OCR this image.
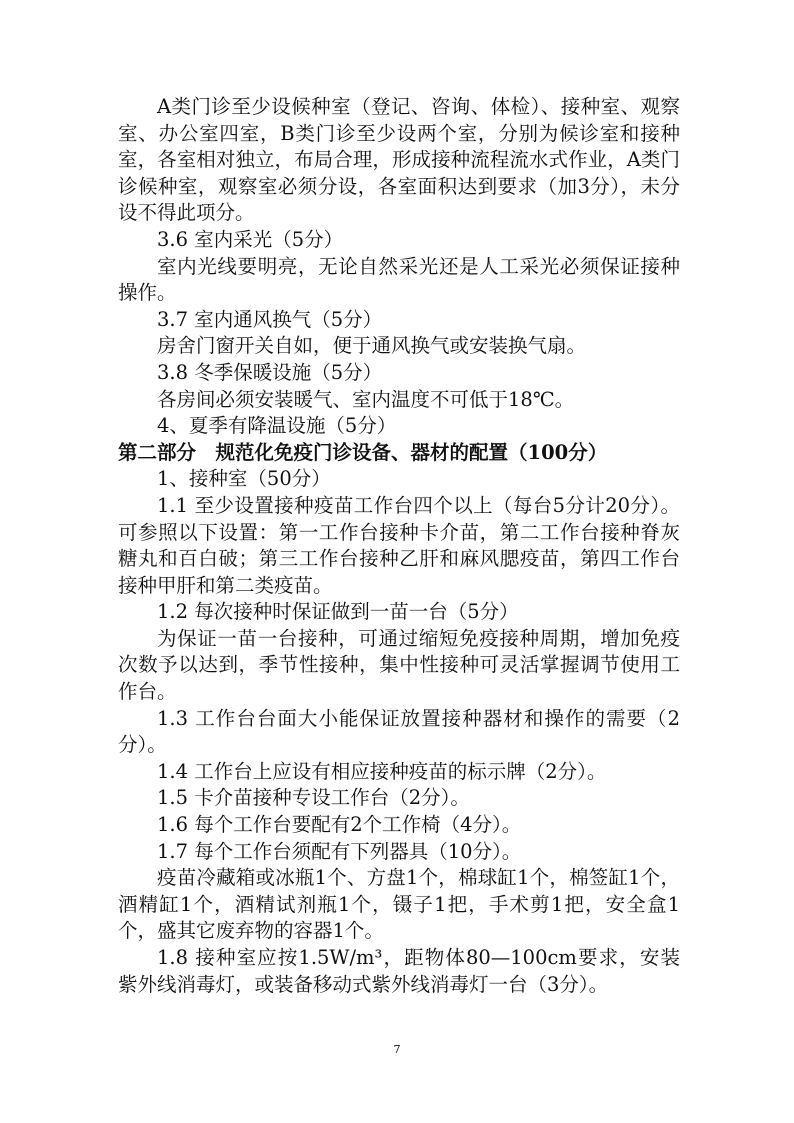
A类门诊至少设候种室（登记、咨询、体检）、接种室、观察室、办公室四室，B类门诊至少设两个室，分别为候诊室和接种室，各室相对独立，布局合理，形成接种流程流水式作业，A类门诊候种室，观察室必须分设，各室面积达到要求（加3分），未分设不得此项分。

3.6 室内采光（5分）

室内光线要明亮，无论自然采光还是人工采光必须保证接种操作。

3.7 室内通风换气（5分）

房舍门窗开关自如，便于通风换气或安装换气扇。

3.8 冬季保暖设施（5分）

各房间必须安装暖气、室内温度不可低于18℃。

4、夏季有降温设施（5分）

第二部分　规范化免疫门诊设备、器材的配置（100分）

1、接种室（50分）

1.1 至少设置接种疫苗工作台四个以上（每台5分计20分）。可参照以下设置：第一工作台接种卡介苗，第二工作台接种脊灰糖丸和百白破；第三工作台接种乙肝和麻风腮疫苗，第四工作台接种甲肝和第二类疫苗。

1.2 每次接种时保证做到一苗一台（5分）

为保证一苗一台接种，可通过缩短免疫接种周期，增加免疫次数予以达到，季节性接种，集中性接种可灵活掌握调节使用工作台。

1.3 工作台台面大小能保证放置接种器材和操作的需要（2分）。

1.4 工作台上应设有相应接种疫苗的标示牌（2分）。

1.5 卡介苗接种专设工作台（2分）。

1.6 每个工作台要配有2个工作椅（4分）。

1.7 每个工作台须配有下列器具（10分）。

疫苗冷藏箱或冰瓶1个、方盘1个，棉球缸1个，棉签缸1个，酒精缸1个，酒精试剂瓶1个，镊子1把，手术剪1把，安全盒1个，盛其它废弃物的容器1个。

1.8 接种室应按1.5W/m³，距物体80—100cm要求，安装紫外线消毒灯，或装备移动式紫外线消毒灯一台（3分）。

7
